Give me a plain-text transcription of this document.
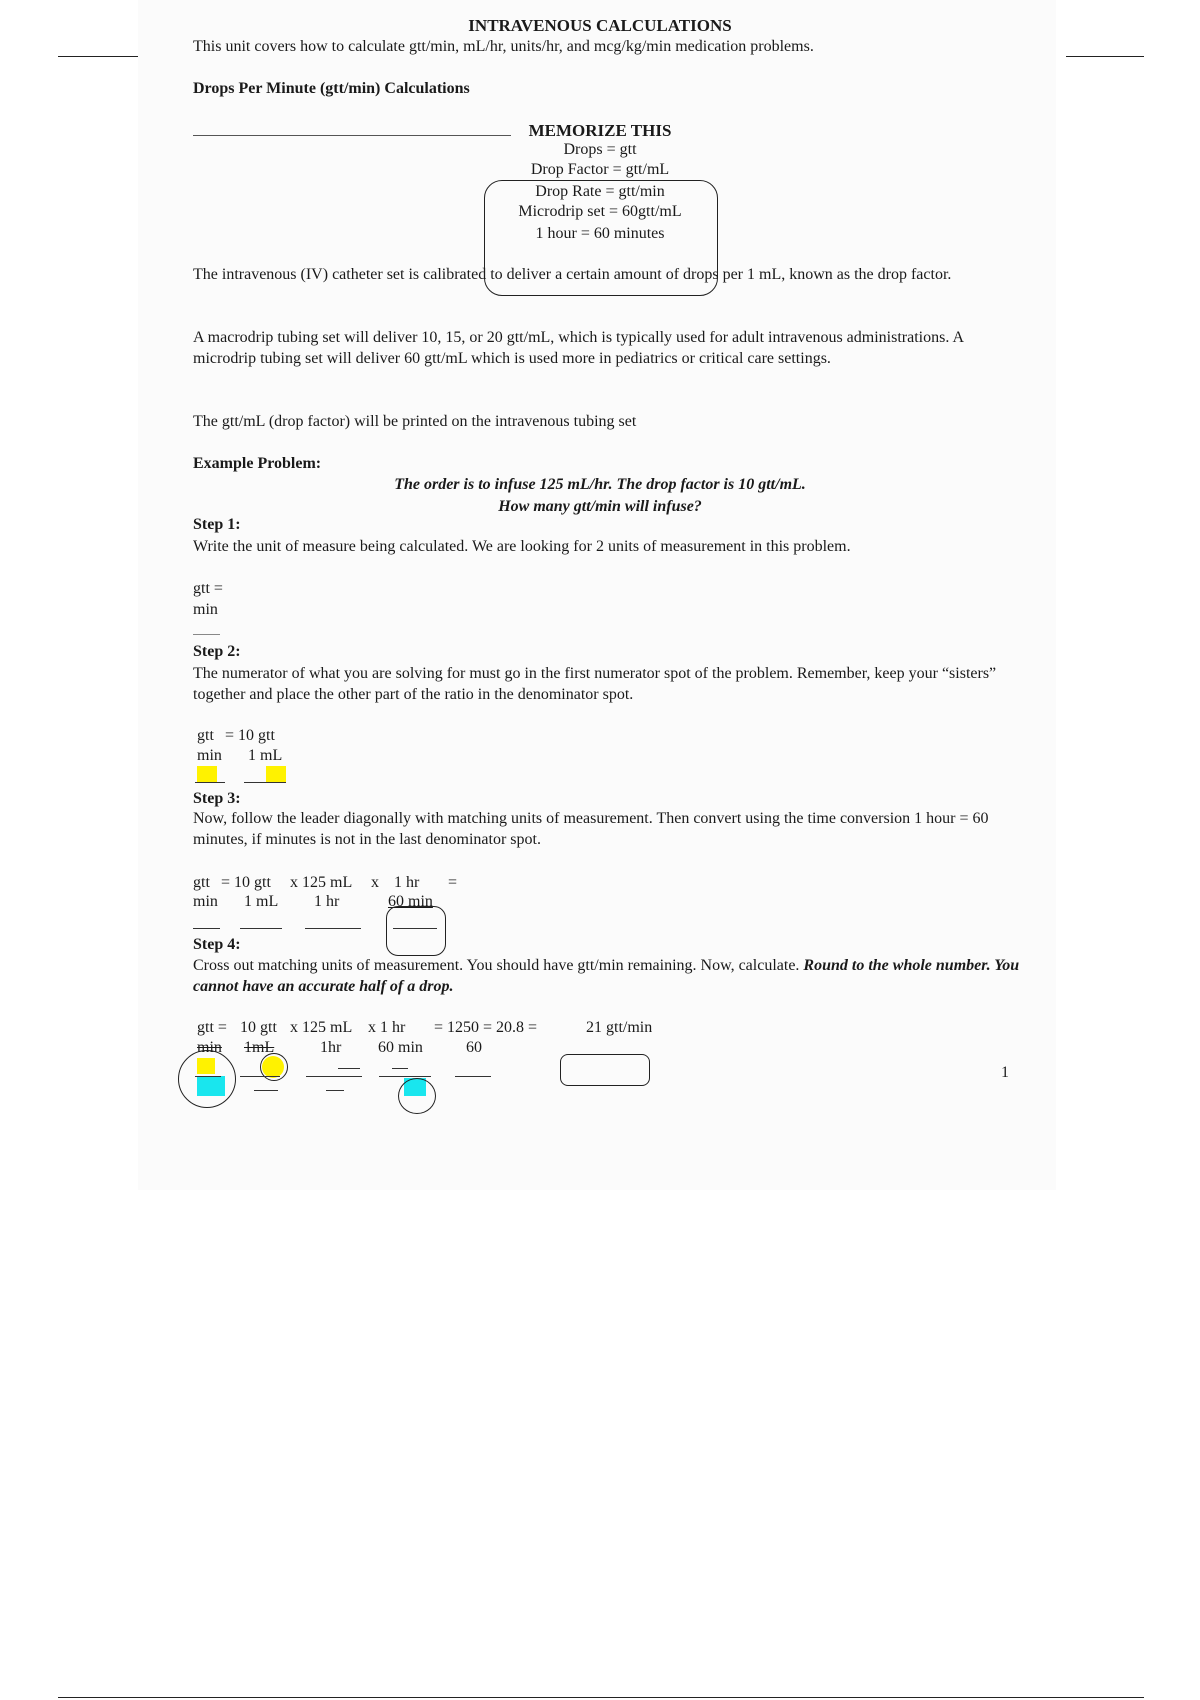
INTRAVENOUS CALCULATIONS
This unit covers how to calculate gtt/min, mL/hr, units/hr, and mcg/kg/min medication problems.
Drops Per Minute (gtt/min) Calculations
MEMORIZE THIS
Drops = gtt
Drop Factor = gtt/mL
Drop Rate = gtt/min
Microdrip set = 60gtt/mL
1 hour = 60 minutes
The intravenous (IV) catheter set is calibrated to deliver a certain amount of drops per 1 mL, known as the drop factor.
A macrodrip tubing set will deliver 10, 15, or 20 gtt/mL, which is typically used for adult intravenous administrations. A microdrip tubing set will deliver 60 gtt/mL which is used more in pediatrics or critical care settings.
The gtt/mL (drop factor) will be printed on the intravenous tubing set
Example Problem:
The order is to infuse 125 mL/hr. The drop factor is 10 gtt/mL.
How many gtt/min will infuse?
Step 1:
Write the unit of measure being calculated. We are looking for 2 units of measurement in this problem.
gtt =
min
Step 2:
The numerator of what you are solving for must go in the first numerator spot of the problem. Remember, keep your “sisters” together and place the other part of the ratio in the denominator spot.
gtt = 10 gtt
min 1 mL
Step 3:
Now, follow the leader diagonally with matching units of measurement. Then convert using the time conversion 1 hour = 60 minutes, if minutes is not in the last denominator spot.
gtt = 10 gtt x 125 mL x 1 hr =
min 1 mL 1 hr	60 min
Step 4:
Cross out matching units of measurement. You should have gtt/min remaining. Now, calculate. Round to the whole number. You cannot have an accurate half of a drop.
gtt = 10 gtt x 125 mL x 1 hr = 1250 = 20.8 =	21 gtt/min
min 1mL	1hr 60 min	60
1
